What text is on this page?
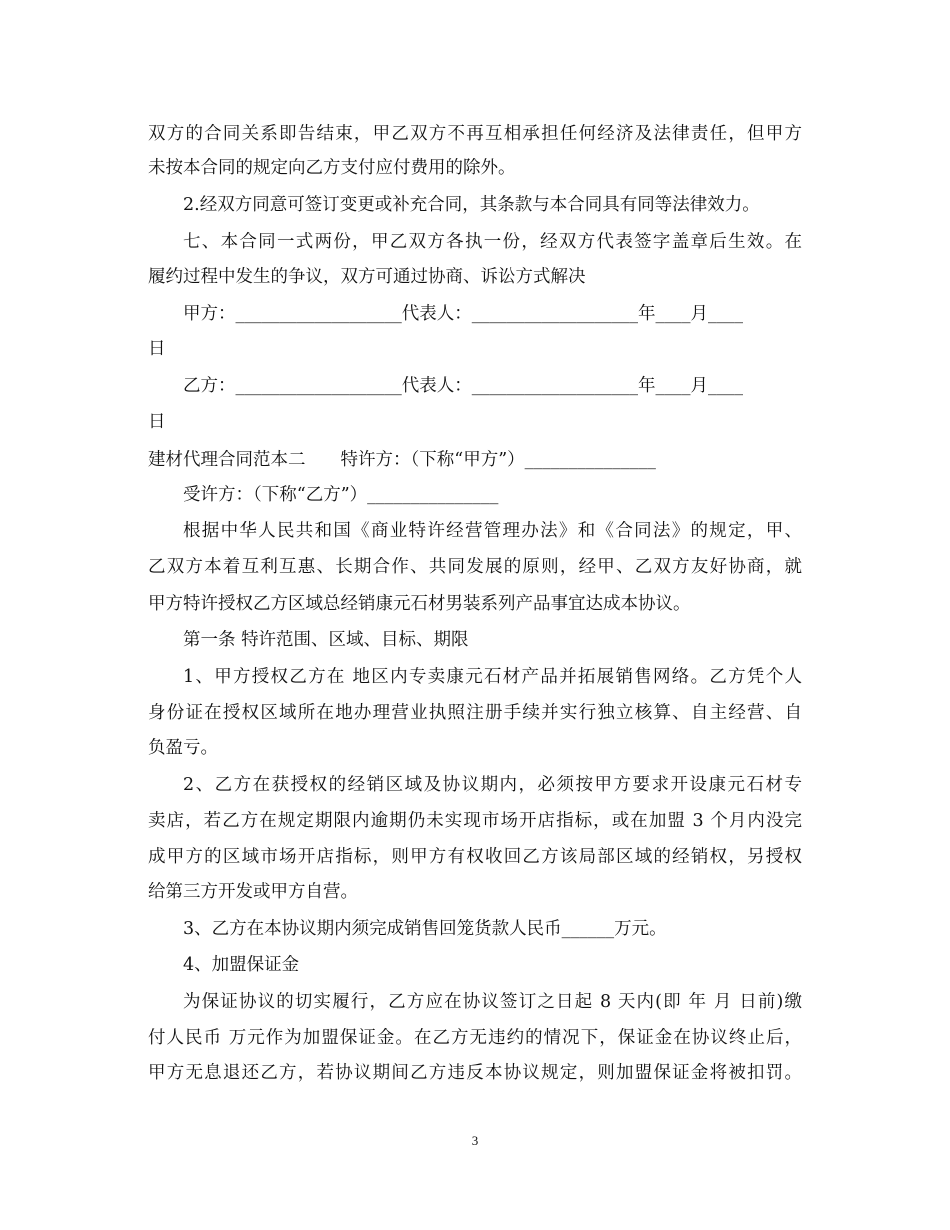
双方的合同关系即告结束，甲乙双方不再互相承担任何经济及法律责任，但甲方
未按本合同的规定向乙方支付应付费用的除外。
2.经双方同意可签订变更或补充合同，其条款与本合同具有同等法律效力。
七、本合同一式两份，甲乙双方各执一份，经双方代表签字盖章后生效。在
履约过程中发生的争议，双方可通过协商、诉讼方式解决
甲方：___________________代表人：___________________年____月____
日
乙方：___________________代表人：___________________年____月____
日
建材代理合同范本二　　特许方：（下称“甲方”）_______________
受许方：（下称“乙方”）_______________
根据中华人民共和国《商业特许经营管理办法》和《合同法》的规定，甲、
乙双方本着互利互惠、长期合作、共同发展的原则，经甲、乙双方友好协商，就
甲方特许授权乙方区域总经销康元石材男装系列产品事宜达成本协议。
第一条 特许范围、区域、目标、期限
1、甲方授权乙方在 地区内专卖康元石材产品并拓展销售网络。乙方凭个人
身份证在授权区域所在地办理营业执照注册手续并实行独立核算、自主经营、自
负盈亏。
2、乙方在获授权的经销区域及协议期内，必须按甲方要求开设康元石材专
卖店，若乙方在规定期限内逾期仍未实现市场开店指标，或在加盟 3 个月内没完
成甲方的区域市场开店指标，则甲方有权收回乙方该局部区域的经销权，另授权
给第三方开发或甲方自营。
3、乙方在本协议期内须完成销售回笼货款人民币______万元。
4、加盟保证金
为保证协议的切实履行，乙方应在协议签订之日起 8 天内(即 年 月 日前)缴
付人民币 万元作为加盟保证金。在乙方无违约的情况下，保证金在协议终止后，
甲方无息退还乙方，若协议期间乙方违反本协议规定，则加盟保证金将被扣罚。
3
